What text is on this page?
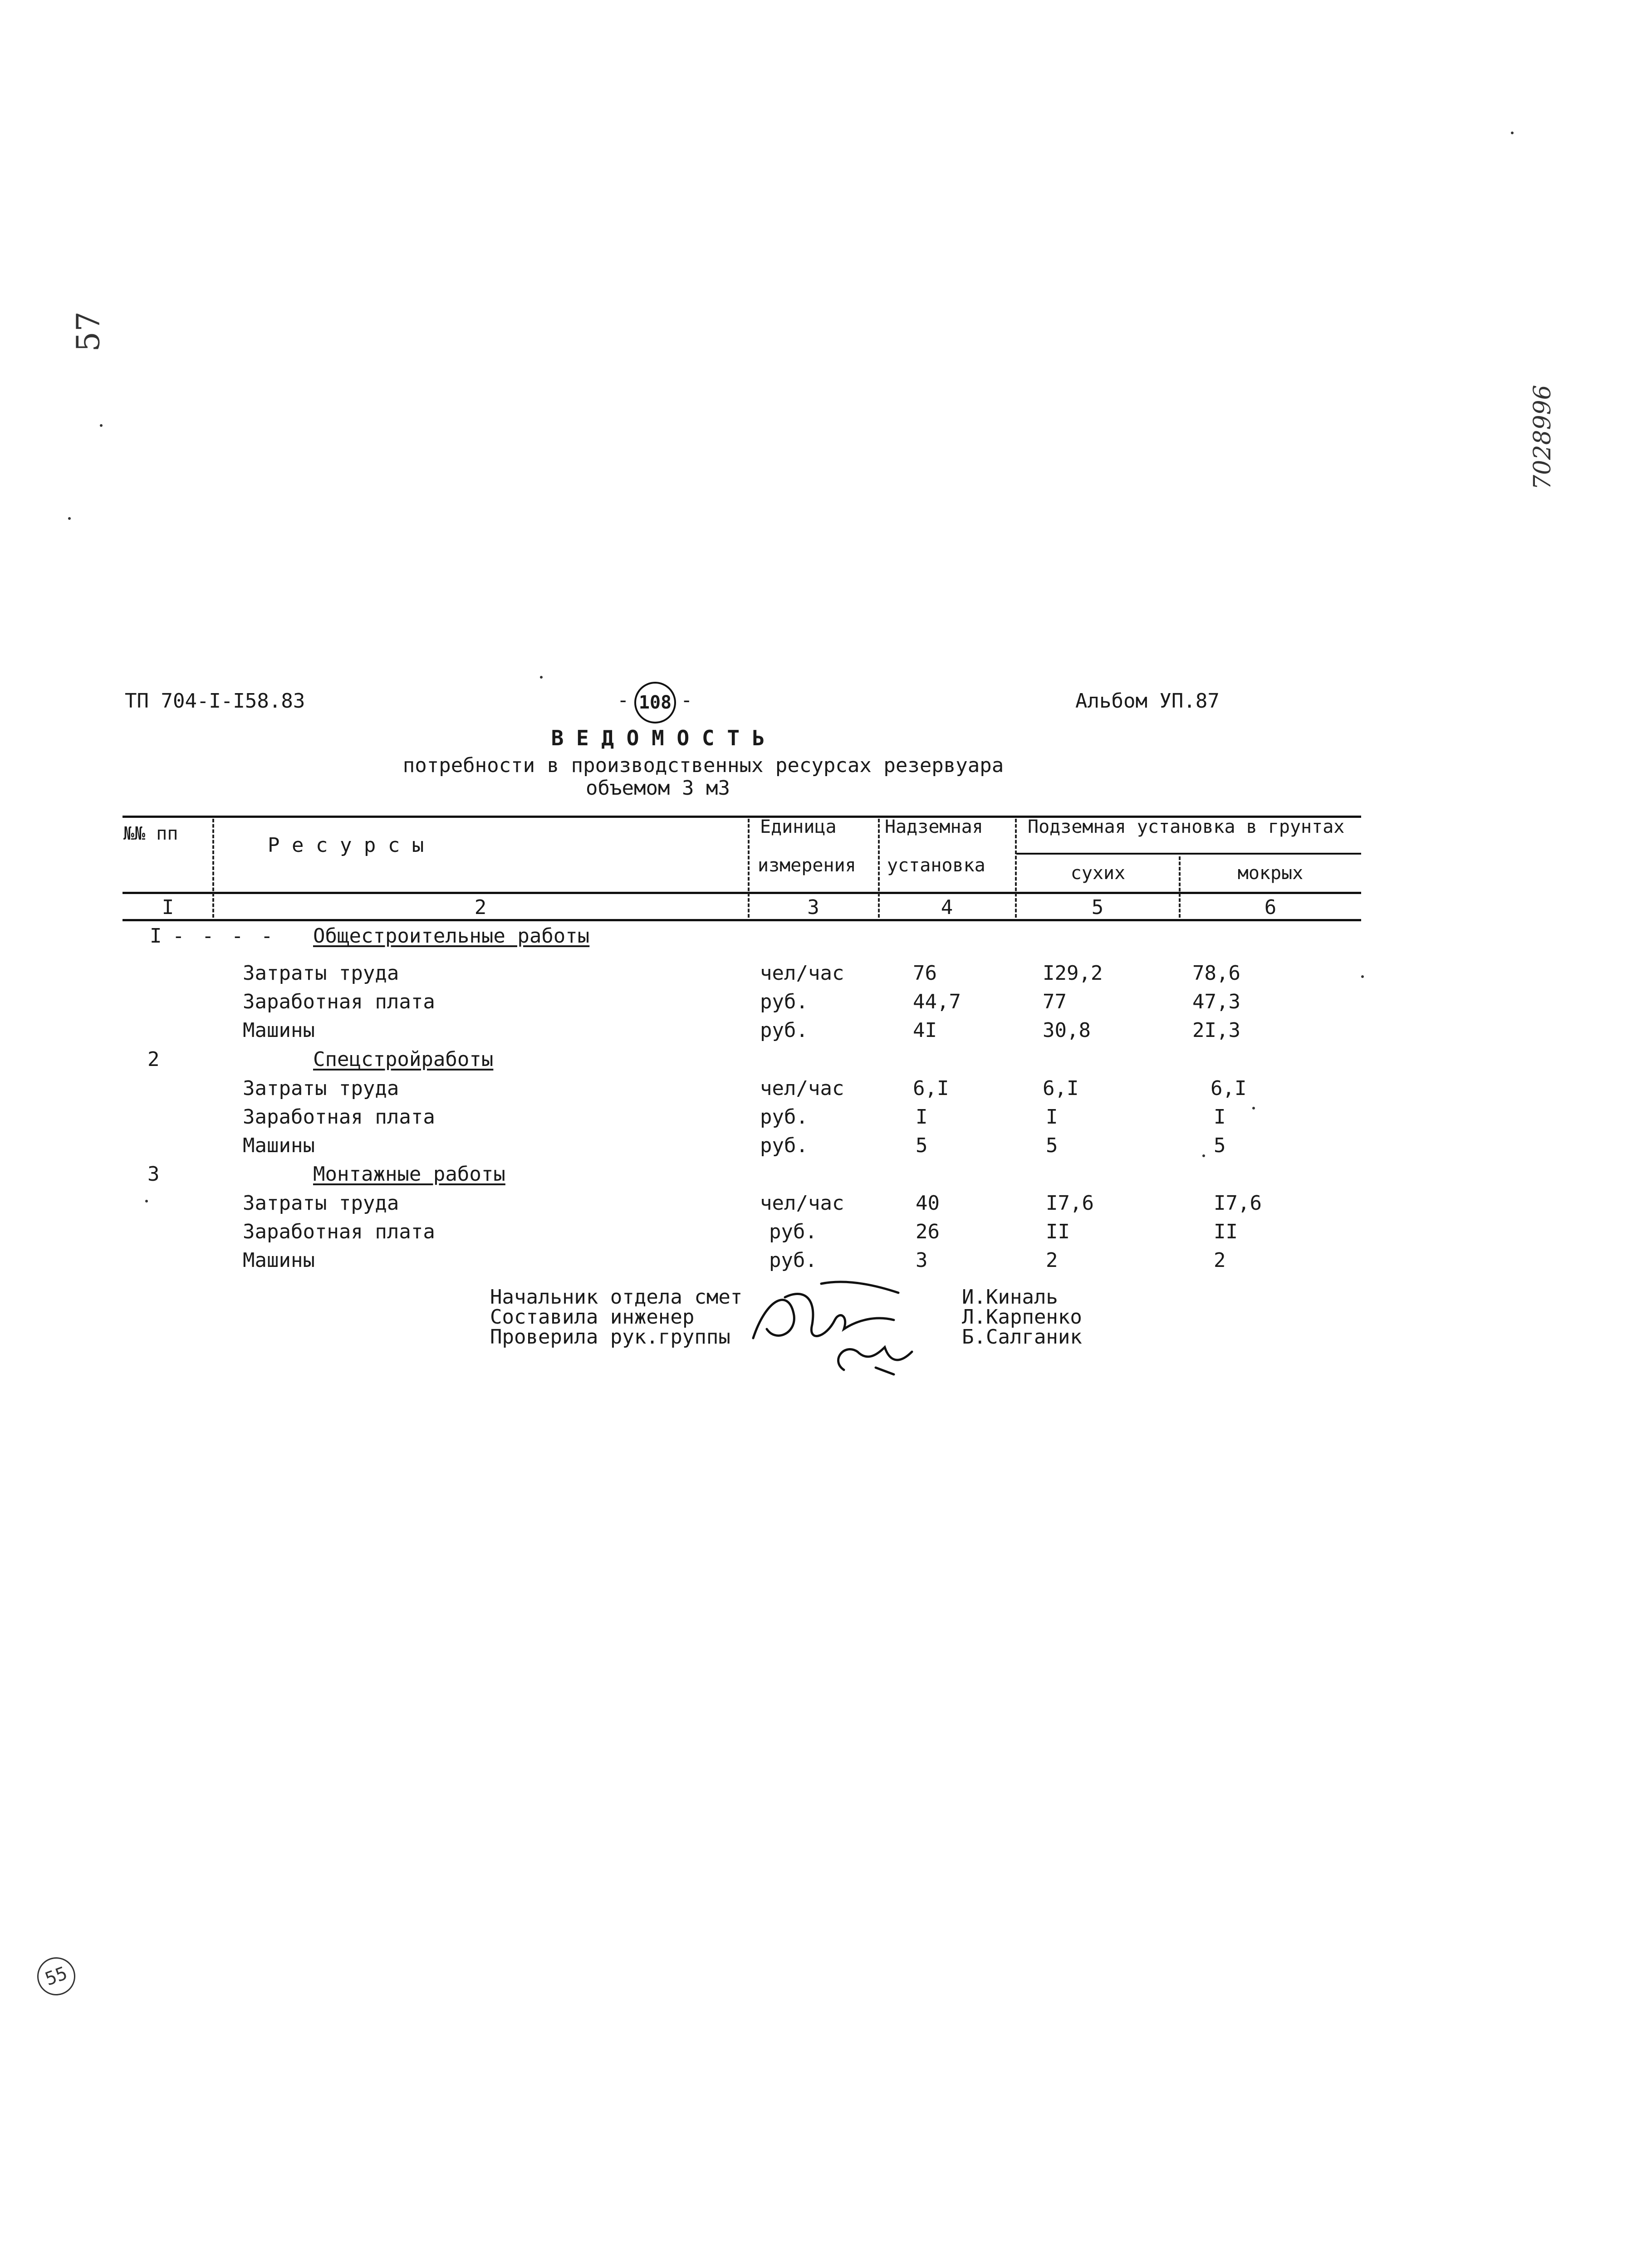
57
7028996
55
ТП 704-I-I58.83	- 108 -	Альбом УП.87
В Е Д О М О С Т Ь
потребности в производственных ресурсах резервуара
объемом 3 м3
№№ пп	Р е с у р с ы
Единица
измерения
Надземная
установка
Подземная установка в грунтах
сухих	мокрых
I	2	3	4	5	6
I - - - - Общестроительные работы
Затраты труда	чел/час	76	I29,2	78,6
Заработная плата	руб.	44,7	77	47,3
Машины	руб.	4I	30,8	2I,3
2	Спецстройработы
Затраты труда	чел/час	6,I	6,I	6,I
Заработная плата	руб.	I	I	I
Машины	руб.	5	5	5
3	Монтажные работы
Затраты труда	чел/час	40	I7,6	I7,6
Заработная плата	руб.	26	II	II
Машины	руб.	3	2	2
Начальник отдела смет
Составила инженер
Проверила рук.группы
И.Киналь
Л.Карпенко
Б.Салганик
